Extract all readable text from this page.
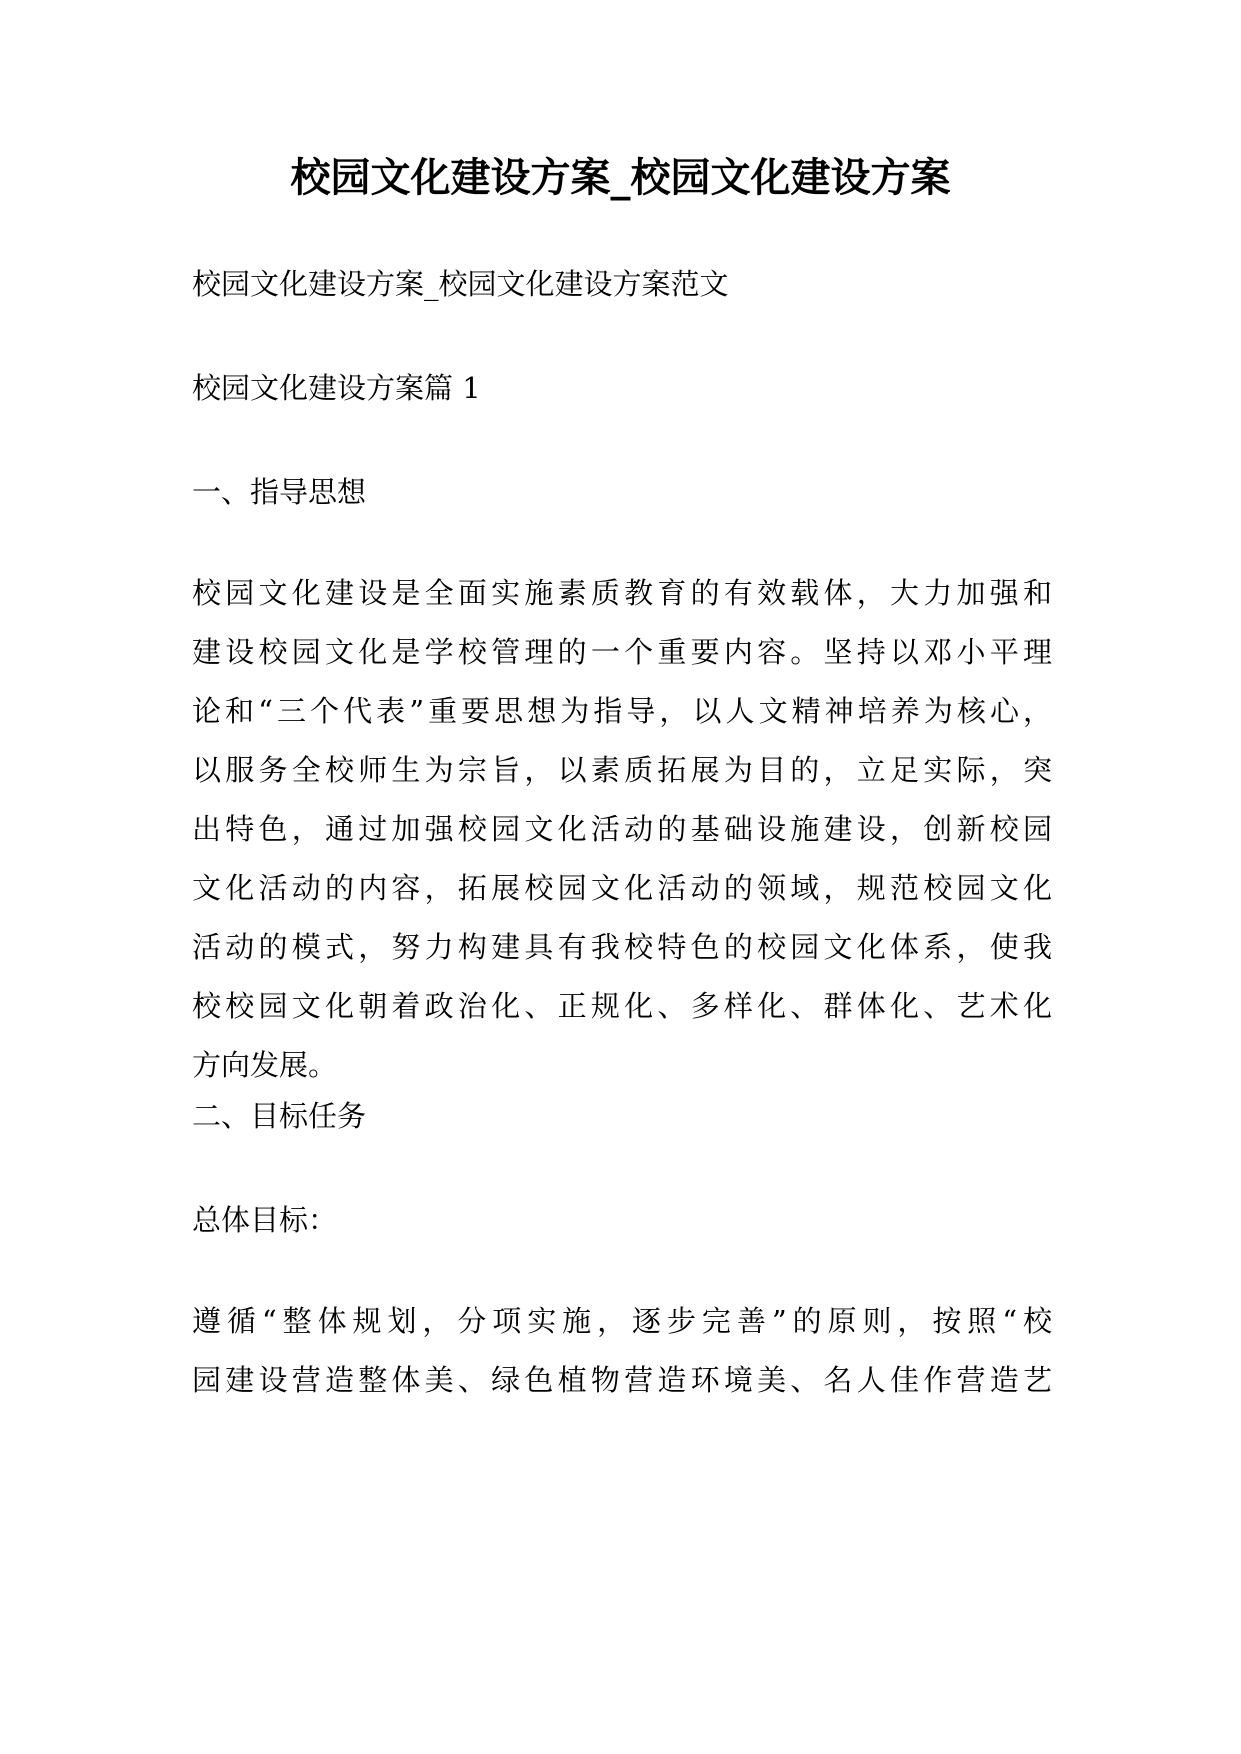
校园文化建设方案_校园文化建设方案

校园文化建设方案_校园文化建设方案范文

校园文化建设方案篇 1

一、指导思想

校园文化建设是全面实施素质教育的有效载体，大力加强和
建设校园文化是学校管理的一个重要内容。坚持以邓小平理
论和“三个代表”重要思想为指导，以人文精神培养为核心，
以服务全校师生为宗旨，以素质拓展为目的，立足实际，突
出特色，通过加强校园文化活动的基础设施建设，创新校园
文化活动的内容，拓展校园文化活动的领域，规范校园文化
活动的模式，努力构建具有我校特色的校园文化体系，使我
校校园文化朝着政治化、正规化、多样化、群体化、艺术化
方向发展。

二、目标任务

总体目标：

遵循“整体规划，分项实施，逐步完善”的原则，按照“校
园建设营造整体美、绿色植物营造环境美、名人佳作营造艺
